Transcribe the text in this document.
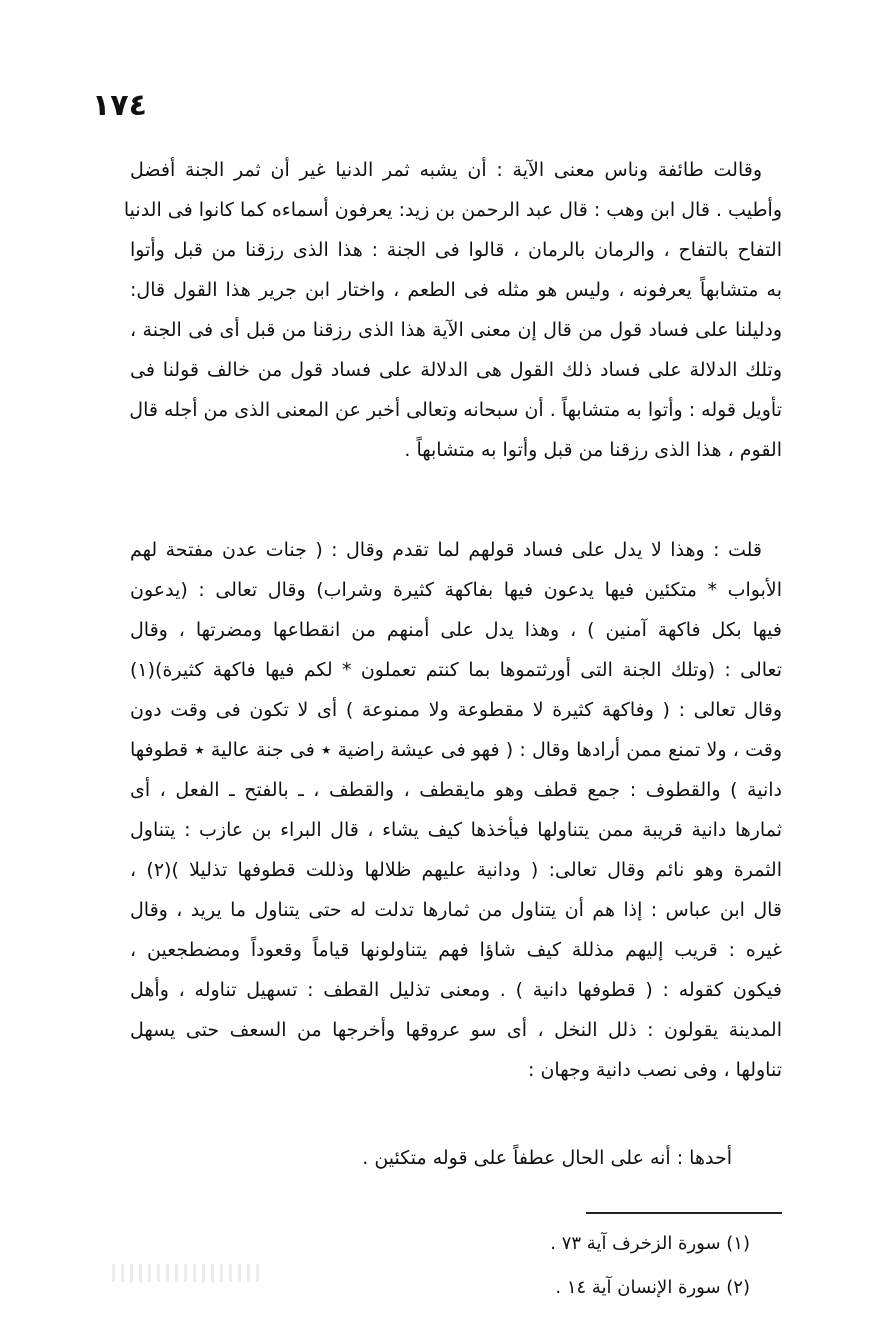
١٧٤
وقالت طائفة وناس معنى الآية : أن يشبه ثمر الدنيا غير أن ثمر الجنة أفضل
وأطيب . قال ابن وهب : قال عبد الرحمن بن زيد: يعرفون أسماءه كما كانوا فى الدنيا
التفاح بالتفاح ، والرمان بالرمان ، قالوا فى الجنة : هذا الذى رزقنا من قبل وأتوا
به متشابهاً يعرفونه ، وليس هو مثله فى الطعم ، واختار ابن جرير هذا القول قال:
ودليلنا على فساد قول من قال إن معنى الآية هذا الذى رزقنا من قبل أى فى الجنة ،
وتلك الدلالة على فساد ذلك القول هى الدلالة على فساد قول من خالف قولنا فى
تأويل قوله : وأتوا به متشابهاً . أن سبحانه وتعالى أخبر عن المعنى الذى من أجله قال
القوم ، هذا الذى رزقنا من قبل وأتوا به متشابهاً .
قلت : وهذا لا يدل على فساد قولهم لما تقدم وقال : ( جنات عدن مفتحة لهم
الأبواب * متكئين فيها يدعون فيها بفاكهة كثيرة وشراب) وقال تعالى : (يدعون
فيها بكل فاكهة آمنين ) ، وهذا يدل على أمنهم من انقطاعها ومضرتها ، وقال
تعالى : (وتلك الجنة التى أورثتموها بما كنتم تعملون * لكم فيها فاكهة كثيرة)(١)
وقال تعالى : ( وفاكهة كثيرة لا مقطوعة ولا ممنوعة ) أى لا تكون فى وقت دون
وقت ، ولا تمنع ممن أرادها وقال : ( فهو فى عيشة راضية ٭ فى جنة عالية ٭ قطوفها
دانية ) والقطوف : جمع قطف وهو مايقطف ، والقطف ، ـ بالفتح ـ الفعل ، أى
ثمارها دانية قريبة ممن يتناولها فيأخذها كيف يشاء ، قال البراء بن عازب : يتناول
الثمرة وهو نائم وقال تعالى: ( ودانية عليهم ظلالها وذللت قطوفها تذليلا )(٢) ،
قال ابن عباس : إذا هم أن يتناول من ثمارها تدلت له حتى يتناول ما يريد ، وقال
غيره : قريب إليهم مذللة كيف شاؤا فهم يتناولونها قياماً وقعوداً ومضطجعين ،
فيكون كقوله : ( قطوفها دانية ) . ومعنى تذليل القطف : تسهيل تناوله ، وأهل
المدينة يقولون : ذلل النخل ، أى سو عروقها وأخرجها من السعف حتى يسهل
تناولها ، وفى نصب دانية وجهان :
أحدها : أنه على الحال عطفاً على قوله متكئين .
(١) سورة الزخرف آية ٧٣ .
(٢) سورة الإنسان آية ١٤ .
